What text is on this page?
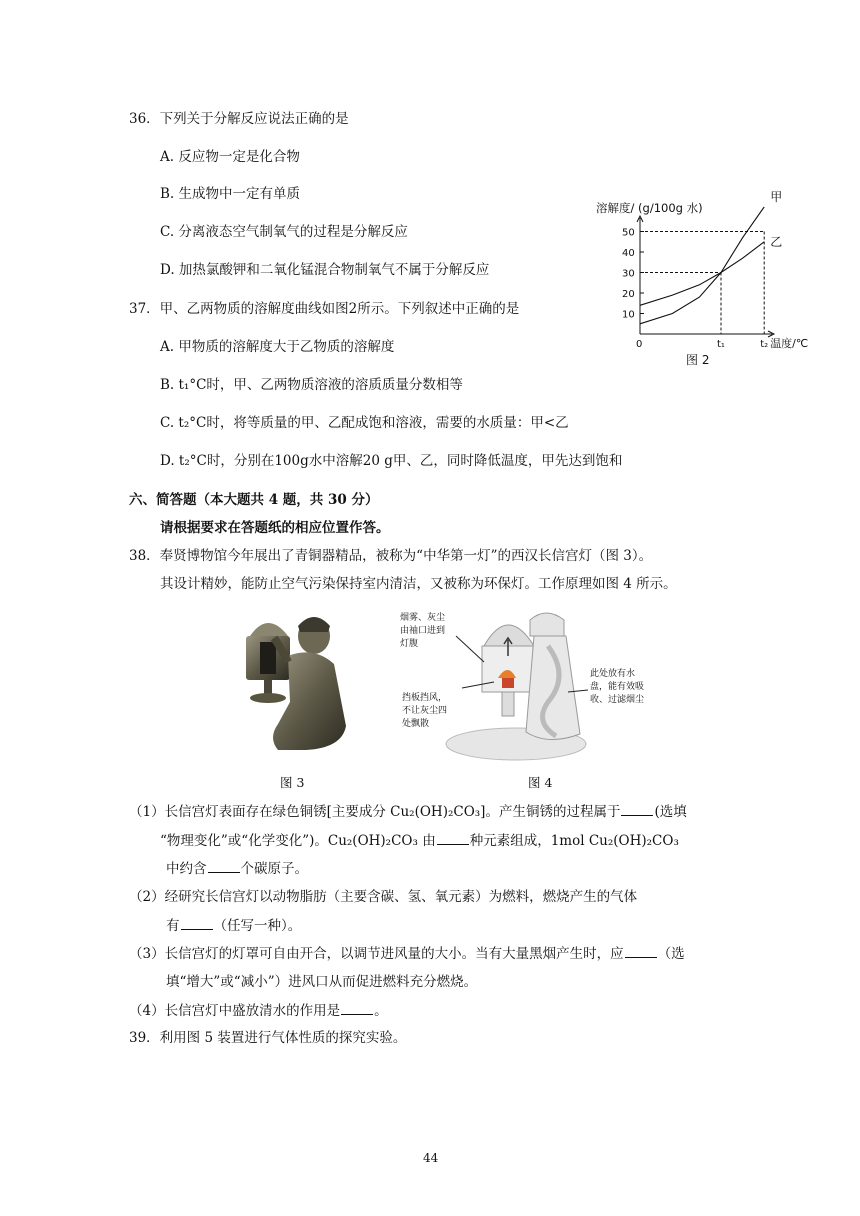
36．下列关于分解反应说法正确的是
A. 反应物一定是化合物
B. 生成物中一定有单质
C. 分离液态空气制氧气的过程是分解反应
D. 加热氯酸钾和二氧化锰混合物制氧气不属于分解反应
37．甲、乙两物质的溶解度曲线如图2所示。下列叙述中正确的是
A. 甲物质的溶解度大于乙物质的溶解度
B. t₁°C时，甲、乙两物质溶液的溶质质量分数相等
C. t₂°C时，将等质量的甲、乙配成饱和溶液，需要的水质量：甲<乙
D. t₂°C时，分别在100g水中溶解20 g甲、乙，同时降低温度，甲先达到饱和
溶解度/ (g/100g 水)
10
20
30
40
50
0	t₁	t₂ 温度/℃
甲
乙
图 2
六、简答题（本大题共 4 题，共 30 分）
请根据要求在答题纸的相应位置作答。
38．奉贤博物馆今年展出了青铜器精品，被称为“中华第一灯”的西汉长信宫灯（图 3）。
其设计精妙，能防止空气污染保持室内清洁，又被称为环保灯。工作原理如图 4 所示。
图 3
烟雾、灰尘
由袖口进到
灯腹
挡板挡风，
不让灰尘四
处飘散
此处放有水
盘，能有效吸
收、过滤烟尘
图 4
（1）长信宫灯表面存在绿色铜锈[主要成分 Cu₂(OH)₂CO₃]。产生铜锈的过程属于	(选填
“物理变化”或“化学变化”)。Cu₂(OH)₂CO₃ 由	种元素组成，1mol Cu₂(OH)₂CO₃
中约含	个碳原子。
（2）经研究长信宫灯以动物脂肪（主要含碳、氢、氧元素）为燃料，燃烧产生的气体
有	（任写一种）。
（3）长信宫灯的灯罩可自由开合，以调节进风量的大小。当有大量黑烟产生时，应	（选
填“增大”或“减小”）进风口从而促进燃料充分燃烧。
（4）长信宫灯中盛放清水的作用是	。
39．利用图 5 装置进行气体性质的探究实验。
44
